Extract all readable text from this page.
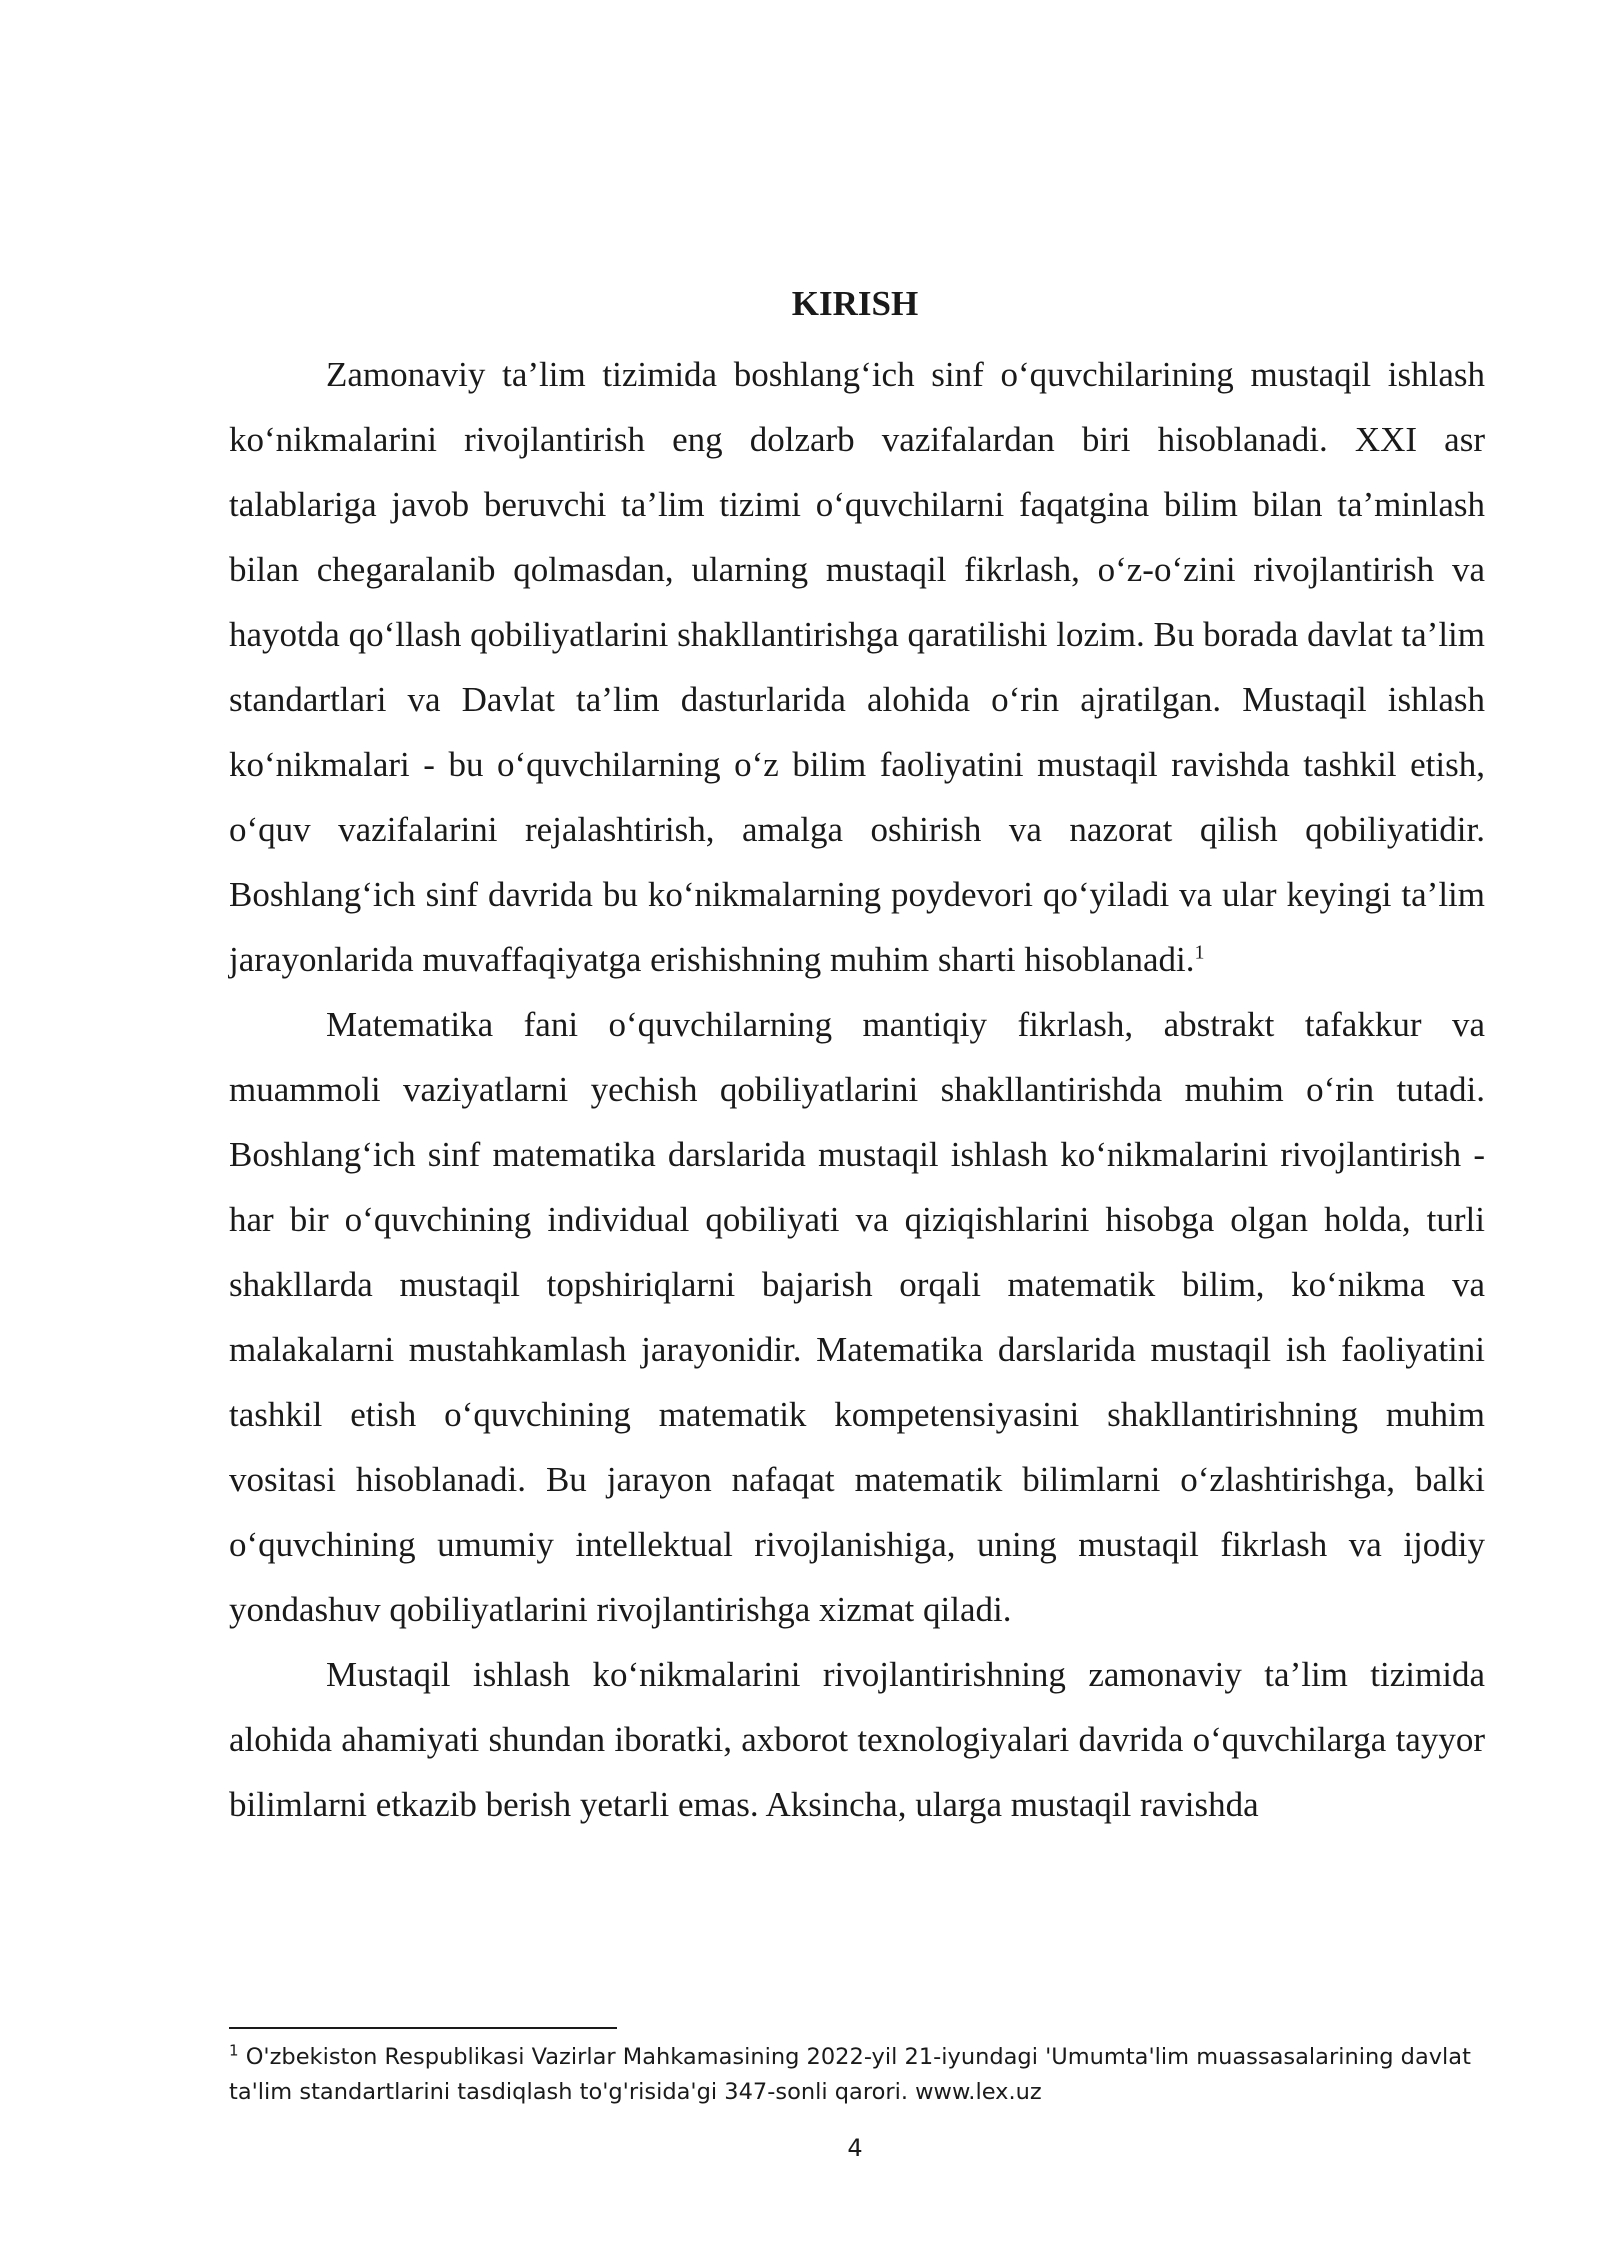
KIRISH

Zamonaviy ta’lim tizimida boshlang‘ich sinf o‘quvchilarining mustaqil ishlash ko‘nikmalarini rivojlantirish eng dolzarb vazifalardan biri hisoblanadi. XXI asr talablariga javob beruvchi ta’lim tizimi o‘quvchilarni faqatgina bilim bilan ta’minlash bilan chegaralanib qolmasdan, ularning mustaqil fikrlash, o‘z-o‘zini rivojlantirish va hayotda qo‘llash qobiliyatlarini shakllantirishga qaratilishi lozim. Bu borada davlat ta’lim standartlari va Davlat ta’lim dasturlarida alohida o‘rin ajratilgan. Mustaqil ishlash ko‘nikmalari - bu o‘quvchilarning o‘z bilim faoliyatini mustaqil ravishda tashkil etish, o‘quv vazifalarini rejalashtirish, amalga oshirish va nazorat qilish qobiliyatidir. Boshlang‘ich sinf davrida bu ko‘nikmalarning poydevori qo‘yiladi va ular keyingi ta’lim jarayonlarida muvaffaqiyatga erishishning muhim sharti hisoblanadi.$^1$

Matematika fani o‘quvchilarning mantiqiy fikrlash, abstrakt tafakkur va muammoli vaziyatlarni yechish qobiliyatlarini shakllantirishda muhim o‘rin tutadi. Boshlang‘ich sinf matematika darslarida mustaqil ishlash ko‘nikmalarini rivojlantirish - har bir o‘quvchining individual qobiliyati va qiziqishlarini hisobga olgan holda, turli shakllarda mustaqil topshiriqlarni bajarish orqali matematik bilim, ko‘nikma va malakalarni mustahkamlash jarayonidir. Matematika darslarida mustaqil ish faoliyatini tashkil etish o‘quvchining matematik kompetensiyasini shakllantirishning muhim vositasi hisoblanadi. Bu jarayon nafaqat matematik bilimlarni o‘zlashtirishga, balki o‘quvchining umumiy intellektual rivojlanishiga, uning mustaqil fikrlash va ijodiy yondashuv qobiliyatlarini rivojlantirishga xizmat qiladi.

Mustaqil ishlash ko‘nikmalarini rivojlantirishning zamonaviy ta’lim tizimida alohida ahamiyati shundan iboratki, axborot texnologiyalari davrida o‘quvchilarga tayyor bilimlarni etkazib berish yetarli emas. Aksincha, ularga mustaqil ravishda

$^1$ O'zbekiston Respublikasi Vazirlar Mahkamasining 2022-yil 21-iyundagi 'Umumta'lim muassasalarining davlat ta'lim standartlarini tasdiqlash to'g'risida'gi 347-sonli qarori. www.lex.uz
4
